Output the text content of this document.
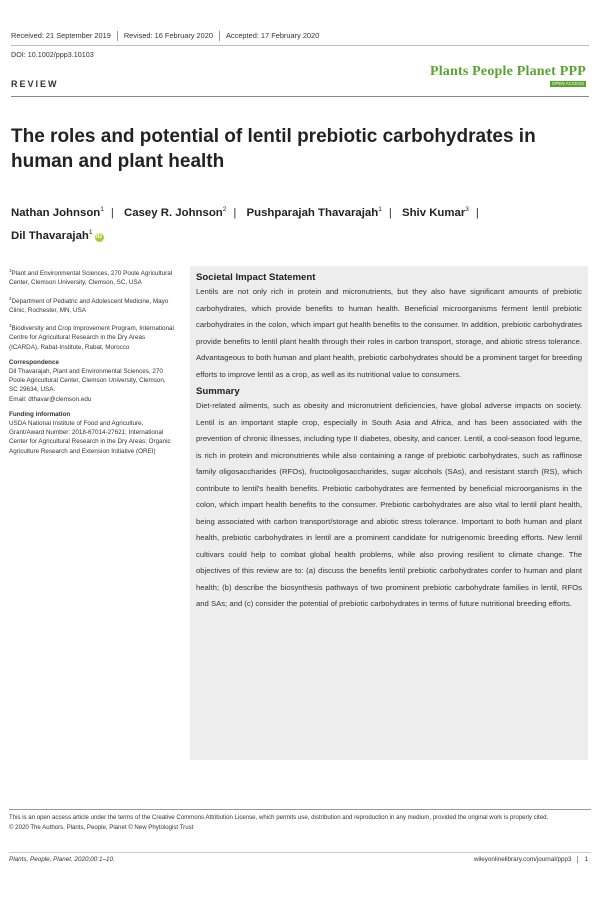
Received: 21 September 2019 Revised: 16 February 2020 Accepted: 17 February 2020
DOI: 10.1002/ppp3.10103
Plants People Planet PPP
OPEN ACCESS
REVIEW
The roles and potential of lentil prebiotic carbohydrates in human and plant health
Nathan Johnson$^1$ | Casey R. Johnson$^2$ | Pushparajah Thavarajah$^1$ | Shiv Kumar$^3$ |
Dil Thavarajah$^1$iD

$^1$Plant and Environmental Sciences, 270 Poole Agricultural Center, Clemson University, Clemson, SC, USA

$^2$Department of Pediatric and Adolescent Medicine, Mayo Clinic, Rochester, MN, USA

$^3$Biodiversity and Crop Improvement Program, International Centre for Agricultural Research in the Dry Areas (ICARDA), Rabat-Institute, Rabat, Morocco

Correspondence

Dil Thavarajah, Plant and Environmental Sciences, 270 Poole Agricultural Center, Clemson University, Clemson, SC 29634, USA.

Email: dthavar@clemson.edu

Funding information

USDA National Institute of Food and Agriculture, Grant/Award Number: 2018-67014-27621; International Center for Agricultural Research in the Dry Areas; Organic Agriculture Research and Extension Initiative (OREI)

Societal Impact Statement

Lentils are not only rich in protein and micronutrients, but they also have significant amounts of prebiotic carbohydrates, which provide benefits to human health. Beneficial microorganisms ferment lentil prebiotic carbohydrates in the colon, which impart gut health benefits to the consumer. In addition, prebiotic carbohydrates provide benefits to lentil plant health through their roles in carbon transport, storage, and abiotic stress tolerance. Advantageous to both human and plant health, prebiotic carbohydrates should be a prominent target for breeding efforts to improve lentil as a crop, as well as its nutritional value to consumers.

Summary

Diet-related ailments, such as obesity and micronutrient deficiencies, have global adverse impacts on society. Lentil is an important staple crop, especially in South Asia and Africa, and has been associated with the prevention of chronic illnesses, including type II diabetes, obesity, and cancer. Lentil, a cool-season food legume, is rich in protein and micronutrients while also containing a range of prebiotic carbohydrates, such as raffinose family oligosaccharides (RFOs), fructooligosaccharides, sugar alcohols (SAs), and resistant starch (RS), which contribute to lentil's health benefits. Prebiotic carbohydrates are fermented by beneficial microorganisms in the colon, which impart health benefits to the consumer. Prebiotic carbohydrates are also vital to lentil plant health, being associated with carbon transport/storage and abiotic stress tolerance. Important to both human and plant health, prebiotic carbohydrates in lentil are a prominent candidate for nutrigenomic breeding efforts. New lentil cultivars could help to combat global health problems, while also proving resilient to climate change. The objectives of this review are to: (a) discuss the benefits lentil prebiotic carbohydrates confer to human and plant health; (b) describe the biosynthesis pathways of two prominent prebiotic carbohydrate families in lentil, RFOs and SAs; and (c) consider the potential of prebiotic carbohydrates in terms of future nutritional breeding efforts.

This is an open access article under the terms of the Creative Commons Attribution License, which permits use, distribution and reproduction in any medium, provided the original work is properly cited.
© 2020 The Authors, Plants, People, Planet © New Phytologist Trust
Plants, People, Planet. 2020;00:1–10.	wileyonlinelibrary.com/journal/ppp3 1
